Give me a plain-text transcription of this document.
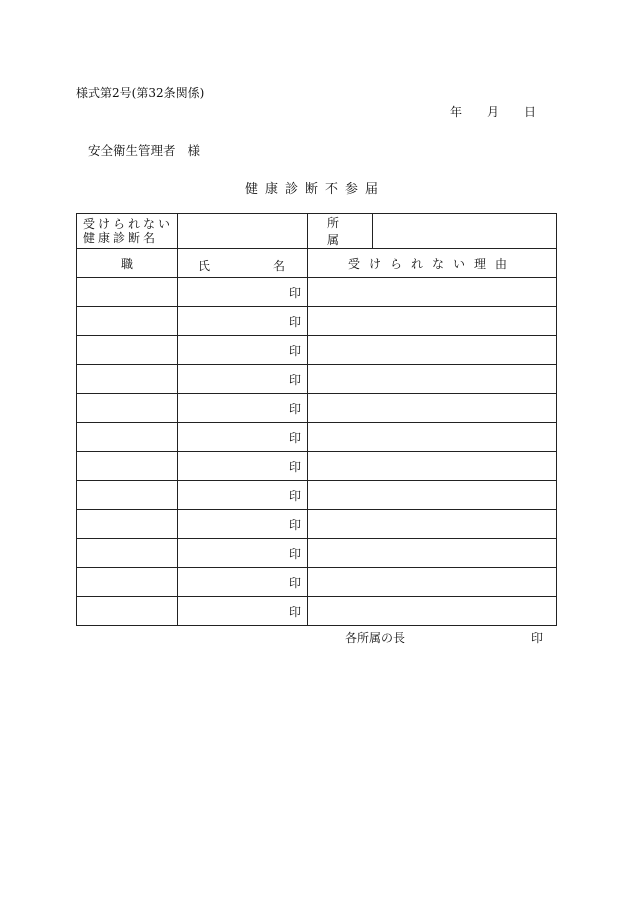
様式第2号(第32条関係)
年 月 日
安全衛生管理者 様
健康診断不参届
受けられない
健康診断名		所属	
職	氏 名	受けられない理由	
	印		
	印		
	印		
	印		
	印		
	印		
	印		
	印		
	印		
	印		
	印		
	印		
各所属の長	印
